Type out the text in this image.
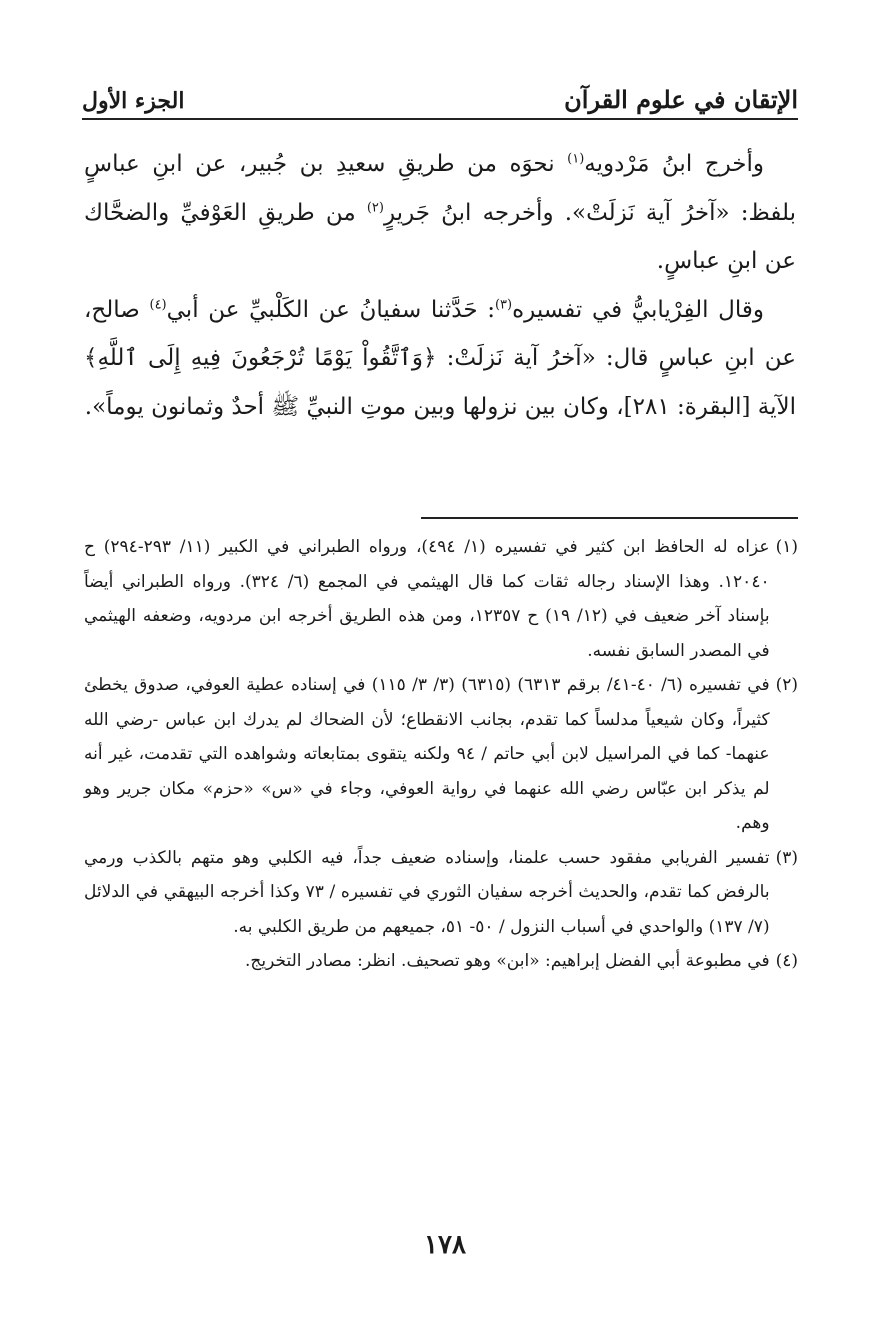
الإتقان في علوم القرآن
الجزء الأول

وأخرج ابنُ مَرْدويه$^{(١)}$ نحوَه من طريقِ سعيدِ بن جُبير، عن ابنِ عباسٍ بلفظ: «آخرُ آية نَزلَتْ». وأخرجه ابنُ جَريرٍ$^{(٢)}$ من طريقِ العَوْفيِّ والضحَّاك عن ابنِ عباسٍ.

وقال الفِرْيابيُّ في تفسيره$^{(٣)}$: حَدَّثنا سفيانُ عن الكَلْبيِّ عن أبي$^{(٤)}$ صالح، عن ابنِ عباسٍ قال: «آخرُ آية نَزلَتْ: ﴿وَٱتَّقُواْ يَوْمًا تُرْجَعُونَ فِيهِ إِلَى ٱللَّهِ﴾ الآية [البقرة: ٢٨١]، وكان بين نزولها وبين موتِ النبيِّ ﷺ أحدٌ وثمانون يوماً».

(١)
عزاه له الحافظ ابن كثير في تفسيره (١/ ٤٩٤)، ورواه الطبراني في الكبير (١١/ ٢٩٣-٢٩٤) ح ١٢٠٤٠. وهذا الإسناد رجاله ثقات كما قال الهيثمي في المجمع (٦/ ٣٢٤). ورواه الطبراني أيضاً بإسناد آخر ضعيف في (١٢/ ١٩) ح ١٢٣٥٧، ومن هذه الطريق أخرجه ابن مردويه، وضعفه الهيثمي في المصدر السابق نفسه.
(٢)
في تفسيره (٦/ ٤٠-٤١/ برقم ٦٣١٣) (٦٣١٥) (٣/ ٣/ ١١٥) في إسناده عطية العوفي، صدوق يخطئ كثيراً، وكان شيعياً مدلساً كما تقدم، بجانب الانقطاع؛ لأن الضحاك لم يدرك ابن عباس -رضي الله عنهما- كما في المراسيل لابن أبي حاتم / ٩٤ ولكنه يتقوى بمتابعاته وشواهده التي تقدمت، غير أنه لم يذكر ابن عبّاس رضي الله عنهما في رواية العوفي، وجاء في «س» «حزم» مكان جرير وهو وهم.
(٣)
تفسير الفريابي مفقود حسب علمنا، وإسناده ضعيف جداً، فيه الكلبي وهو متهم بالكذب ورمي بالرفض كما تقدم، والحديث أخرجه سفيان الثوري في تفسيره / ٧٣ وكذا أخرجه البيهقي في الدلائل (٧/ ١٣٧) والواحدي في أسباب النزول / ٥٠- ٥١، جميعهم من طريق الكلبي به.
(٤)
في مطبوعة أبي الفضل إبراهيم: «ابن» وهو تصحيف. انظر: مصادر التخريج.
١٧٨
